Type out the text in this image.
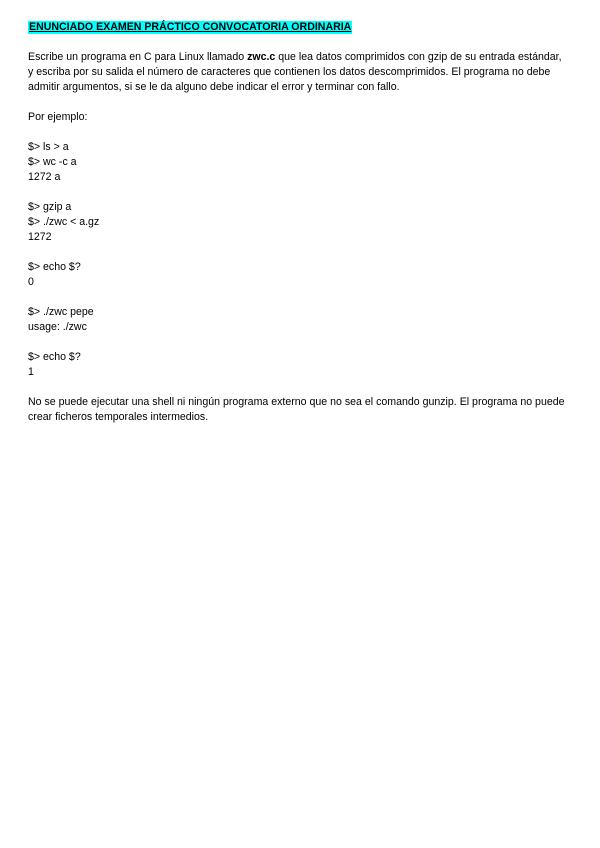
ENUNCIADO EXAMEN PRÁCTICO CONVOCATORIA ORDINARIA

Escribe un programa en C para Linux llamado zwc.c que lea datos comprimidos con gzip de su entrada estándar, y escriba por su salida el número de caracteres que contienen los datos descomprimidos. El programa no debe admitir argumentos, si se le da alguno debe indicar el error y terminar con fallo.

Por ejemplo:

$> ls > a
$> wc -c a
1272 a
$> gzip a
$> ./zwc < a.gz
1272
$> echo $?
0
$> ./zwc pepe
usage: ./zwc
$> echo $?
1

No se puede ejecutar una shell ni ningún programa externo que no sea el comando gunzip. El programa no puede crear ficheros temporales intermedios.
